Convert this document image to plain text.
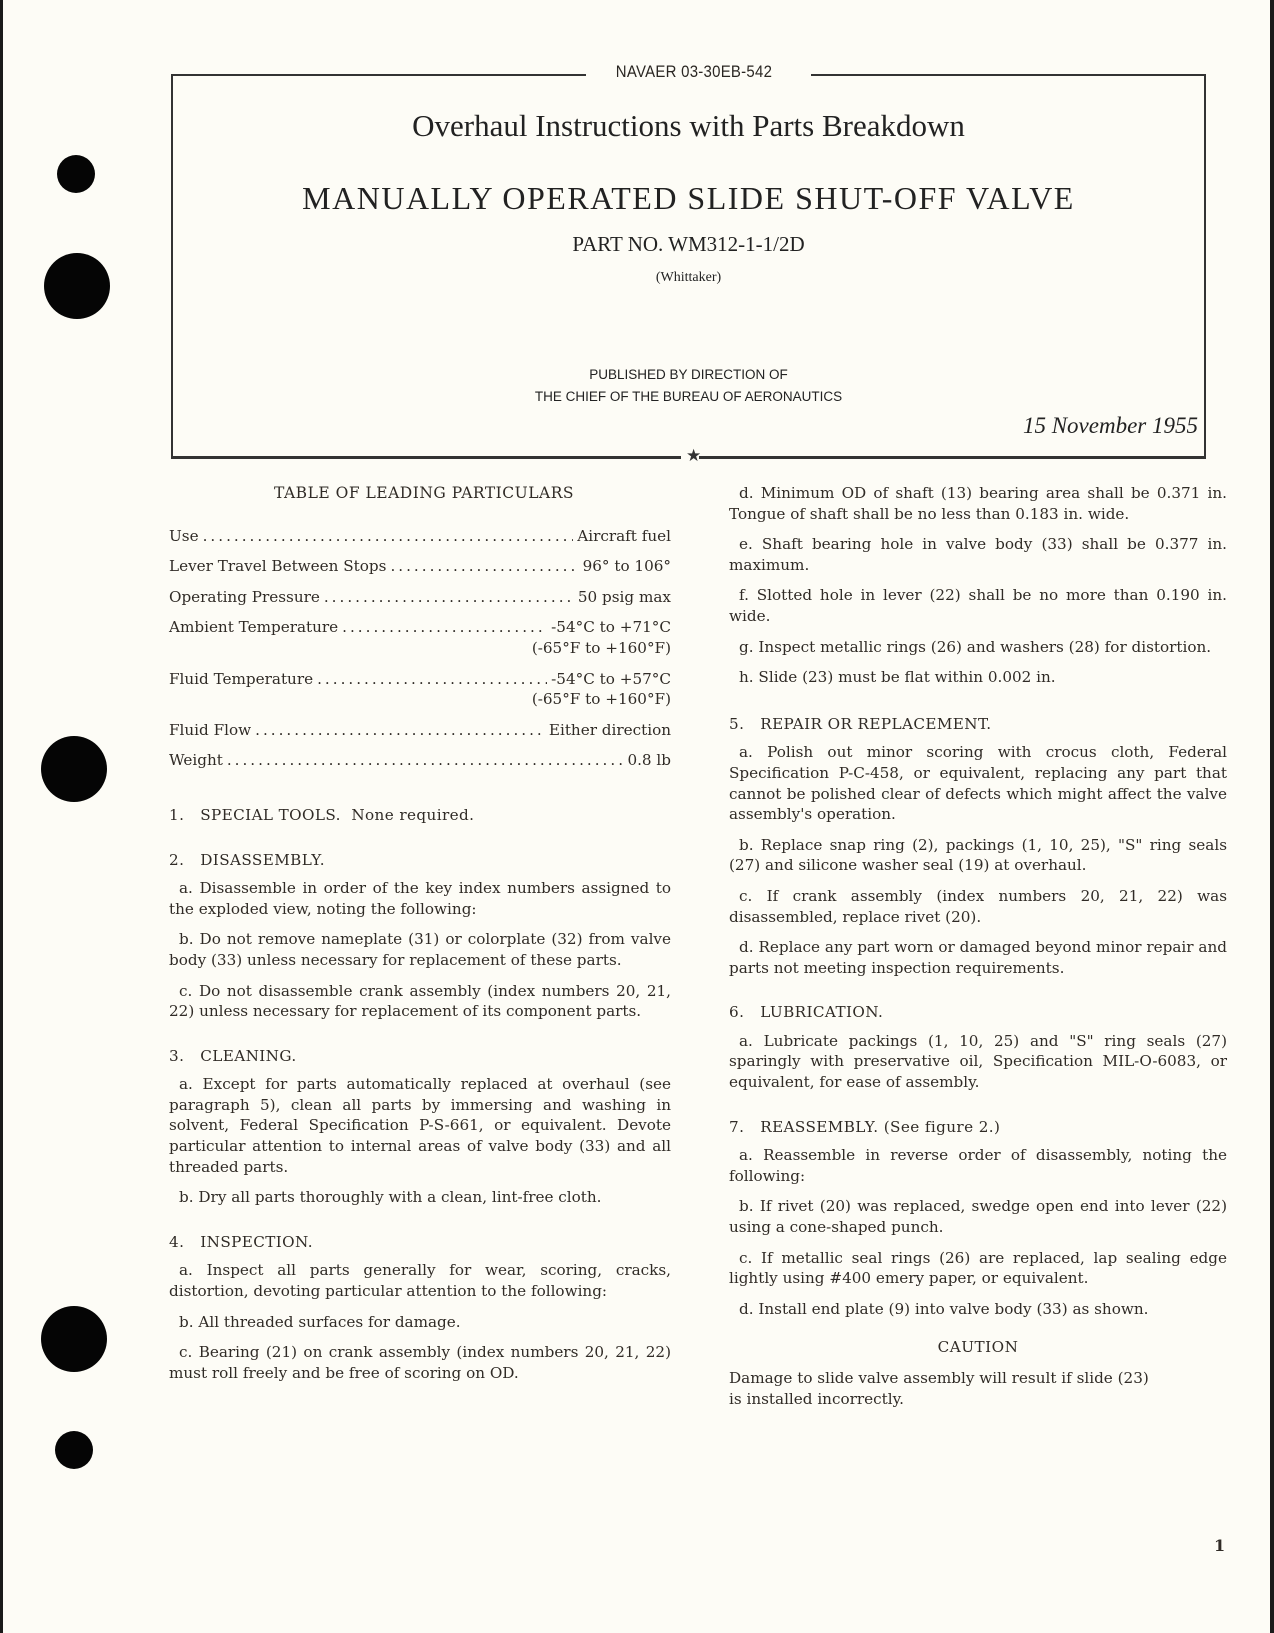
NAVAER 03-30EB-542
Overhaul Instructions with Parts Breakdown
MANUALLY OPERATED SLIDE SHUT-OFF VALVE
PART NO. WM312-1-1/2D
(Whittaker)
PUBLISHED BY DIRECTION OF
THE CHIEF OF THE BUREAU OF AERONAUTICS
15 November 1955
★
TABLE OF LEADING PARTICULARS
Use .....	Aircraft fuel
Lever Travel Between Stops .....	96° to 106°
Operating Pressure .....	50 psig max
Ambient Temperature .....	-54°C to +71°C
(-65°F to +160°F)
Fluid Temperature .....	-54°C to +57°C
(-65°F to +160°F)
Fluid Flow .....	Either direction
Weight .....	0.8 lb
1. SPECIAL TOOLS. None required.
2. DISASSEMBLY.

a. Disassemble in order of the key index numbers assigned to the exploded view, noting the following:

b. Do not remove nameplate (31) or colorplate (32) from valve body (33) unless necessary for replacement of these parts.

c. Do not disassemble crank assembly (index numbers 20, 21, 22) unless necessary for replacement of its component parts.

3. CLEANING.

a. Except for parts automatically replaced at overhaul (see paragraph 5), clean all parts by immersing and washing in solvent, Federal Specification P-S-661, or equivalent. Devote particular attention to internal areas of valve body (33) and all threaded parts.

b. Dry all parts thoroughly with a clean, lint-free cloth.

4. INSPECTION.

a. Inspect all parts generally for wear, scoring, cracks, distortion, devoting particular attention to the following:

b. All threaded surfaces for damage.

c. Bearing (21) on crank assembly (index numbers 20, 21, 22) must roll freely and be free of scoring on OD.

d. Minimum OD of shaft (13) bearing area shall be 0.371 in. Tongue of shaft shall be no less than 0.183 in. wide.

e. Shaft bearing hole in valve body (33) shall be 0.377 in. maximum.

f. Slotted hole in lever (22) shall be no more than 0.190 in. wide.

g. Inspect metallic rings (26) and washers (28) for distortion.

h. Slide (23) must be flat within 0.002 in.

5. REPAIR OR REPLACEMENT.

a. Polish out minor scoring with crocus cloth, Federal Specification P-C-458, or equivalent, replacing any part that cannot be polished clear of defects which might affect the valve assembly's operation.

b. Replace snap ring (2), packings (1, 10, 25), "S" ring seals (27) and silicone washer seal (19) at overhaul.

c. If crank assembly (index numbers 20, 21, 22) was disassembled, replace rivet (20).

d. Replace any part worn or damaged beyond minor repair and parts not meeting inspection requirements.

6. LUBRICATION.

a. Lubricate packings (1, 10, 25) and "S" ring seals (27) sparingly with preservative oil, Specification MIL-O-6083, or equivalent, for ease of assembly.

7. REASSEMBLY. (See figure 2.)

a. Reassemble in reverse order of disassembly, noting the following:

b. If rivet (20) was replaced, swedge open end into lever (22) using a cone-shaped punch.

c. If metallic seal rings (26) are replaced, lap sealing edge lightly using #400 emery paper, or equivalent.

d. Install end plate (9) into valve body (33) as shown.

CAUTION
Damage to slide valve assembly will result if slide (23) is installed incorrectly.
1
